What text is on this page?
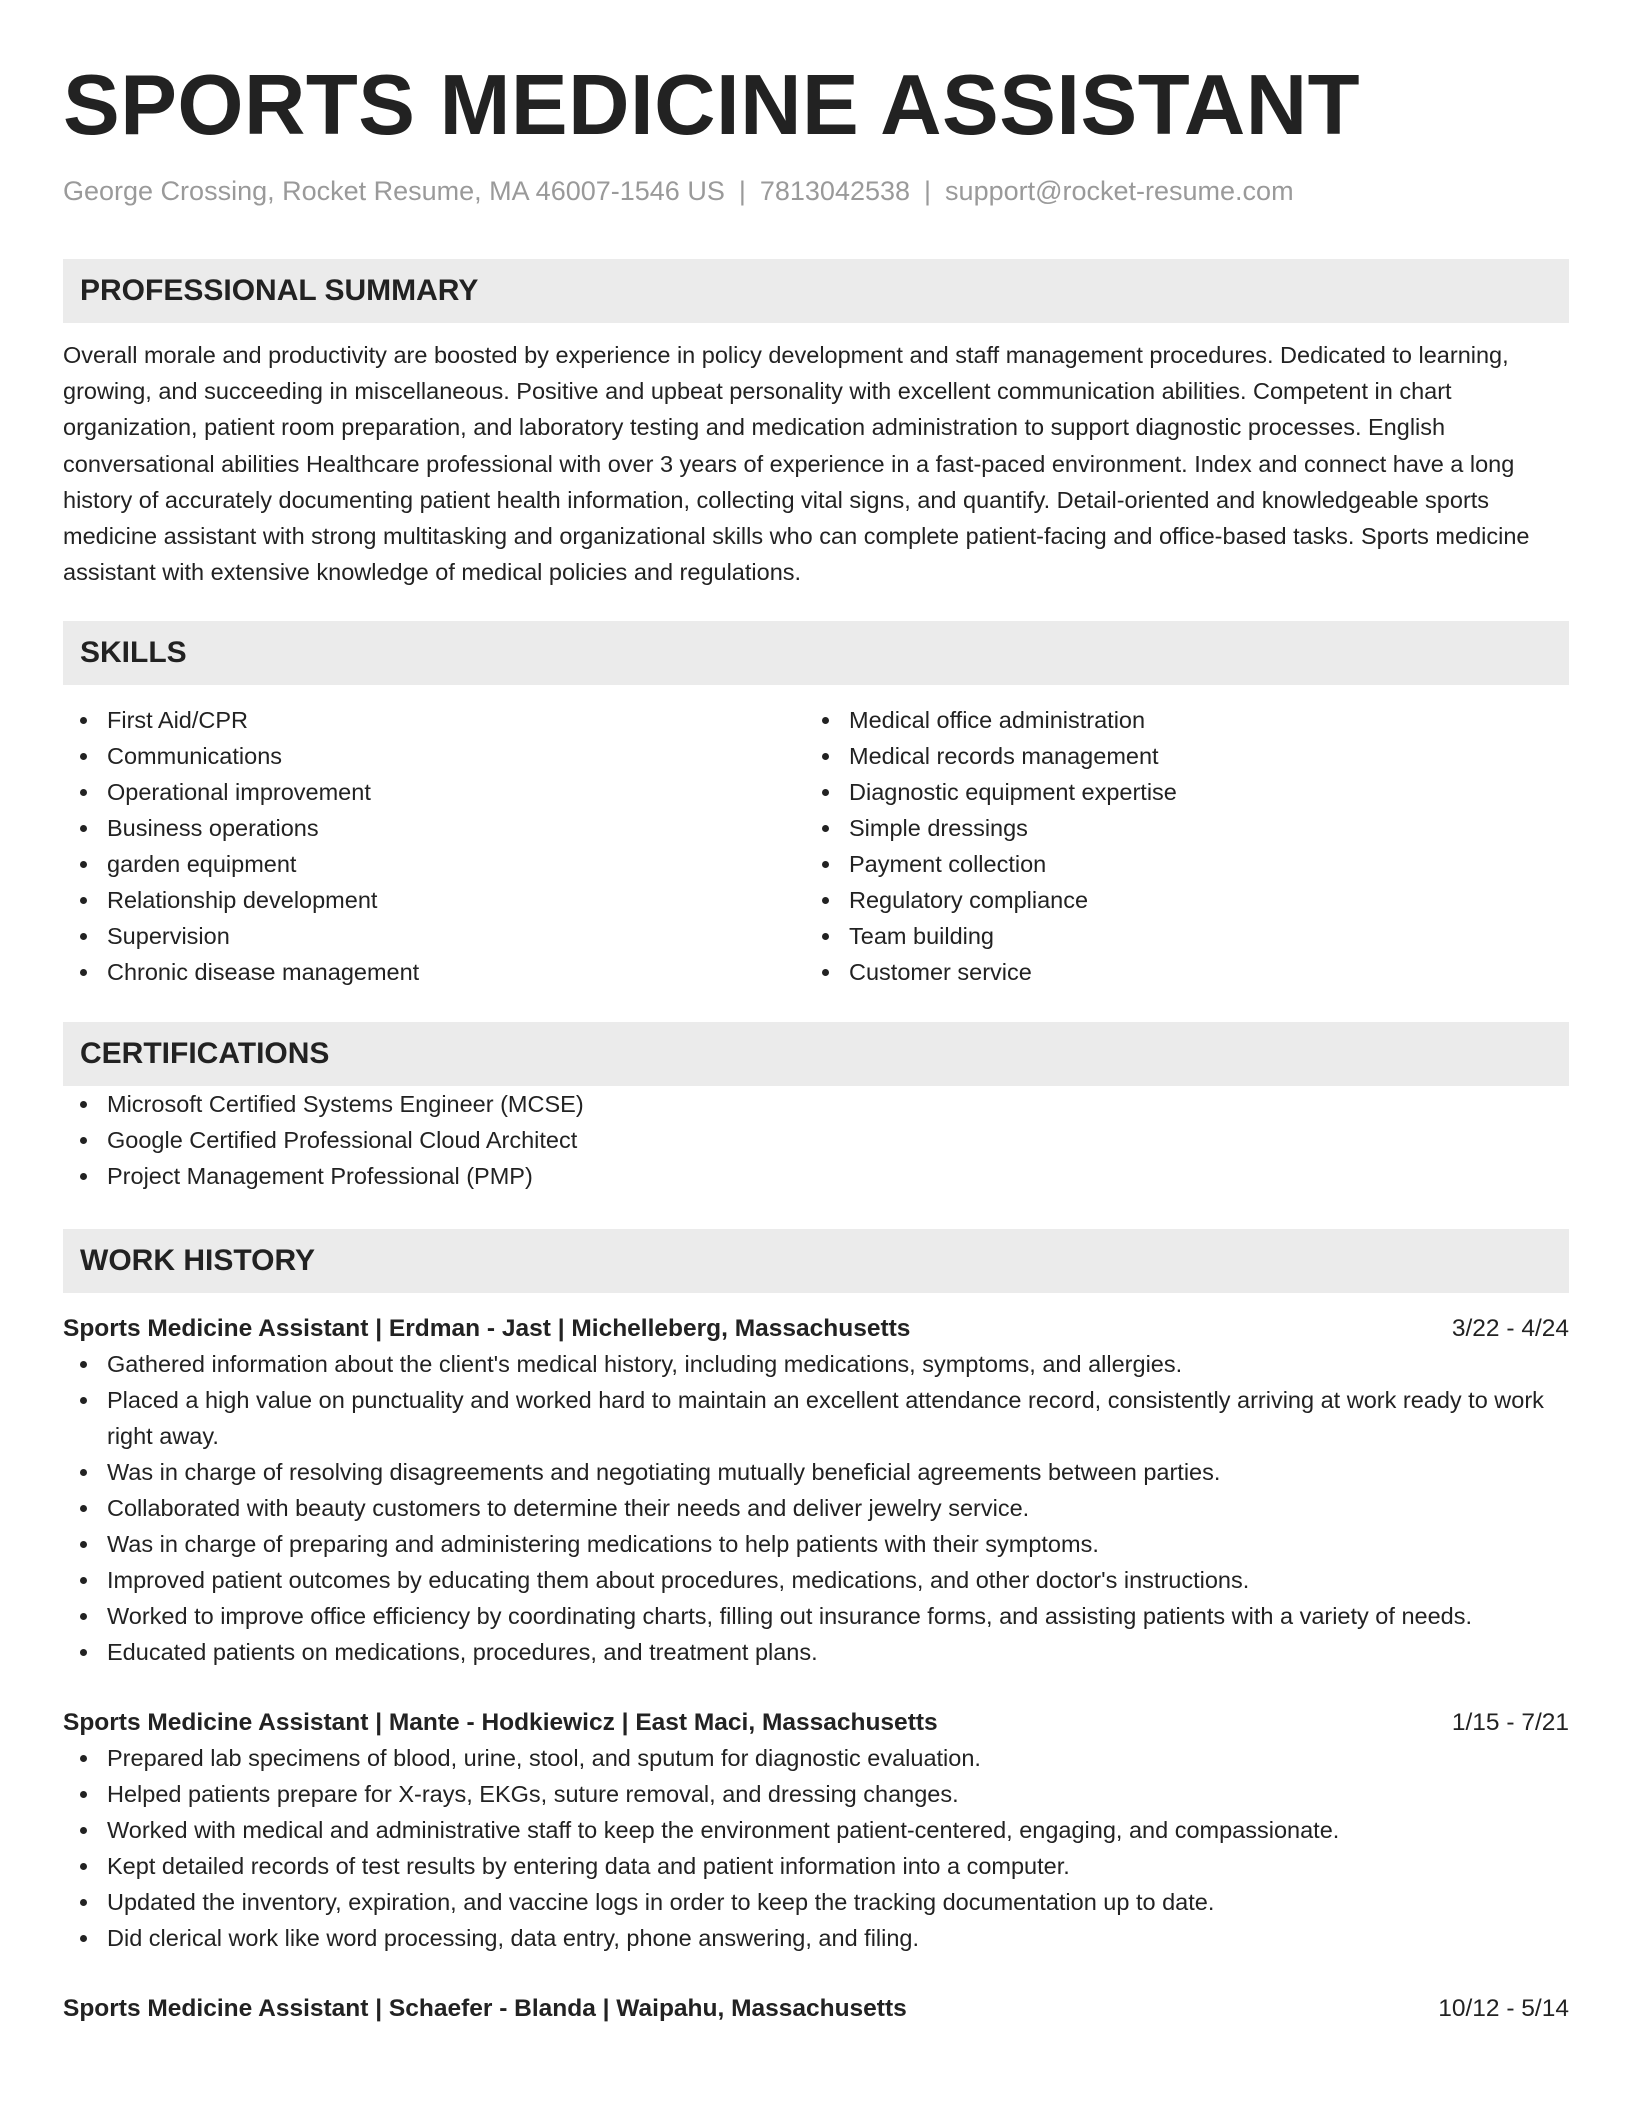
SPORTS MEDICINE ASSISTANT
George Crossing, Rocket Resume, MA 46007-1546 US | 7813042538 | support@rocket-resume.com
PROFESSIONAL SUMMARY
Overall morale and productivity are boosted by experience in policy development and staff management procedures. Dedicated to learning, growing, and succeeding in miscellaneous. Positive and upbeat personality with excellent communication abilities. Competent in chart organization, patient room preparation, and laboratory testing and medication administration to support diagnostic processes. English conversational abilities Healthcare professional with over 3 years of experience in a fast-paced environment. Index and connect have a long history of accurately documenting patient health information, collecting vital signs, and quantify. Detail-oriented and knowledgeable sports medicine assistant with strong multitasking and organizational skills who can complete patient-facing and office-based tasks. Sports medicine assistant with extensive knowledge of medical policies and regulations.
SKILLS
First Aid/CPR
Communications
Operational improvement
Business operations
garden equipment
Relationship development
Supervision
Chronic disease management
Medical office administration
Medical records management
Diagnostic equipment expertise
Simple dressings
Payment collection
Regulatory compliance
Team building
Customer service
CERTIFICATIONS
Microsoft Certified Systems Engineer (MCSE)
Google Certified Professional Cloud Architect
Project Management Professional (PMP)
WORK HISTORY
Sports Medicine Assistant | Erdman - Jast | Michelleberg, Massachusetts	3/22 - 4/24
Gathered information about the client's medical history, including medications, symptoms, and allergies.
Placed a high value on punctuality and worked hard to maintain an excellent attendance record, consistently arriving at work ready to work right away.
Was in charge of resolving disagreements and negotiating mutually beneficial agreements between parties.
Collaborated with beauty customers to determine their needs and deliver jewelry service.
Was in charge of preparing and administering medications to help patients with their symptoms.
Improved patient outcomes by educating them about procedures, medications, and other doctor's instructions.
Worked to improve office efficiency by coordinating charts, filling out insurance forms, and assisting patients with a variety of needs.
Educated patients on medications, procedures, and treatment plans.
Sports Medicine Assistant | Mante - Hodkiewicz | East Maci, Massachusetts	1/15 - 7/21
Prepared lab specimens of blood, urine, stool, and sputum for diagnostic evaluation.
Helped patients prepare for X-rays, EKGs, suture removal, and dressing changes.
Worked with medical and administrative staff to keep the environment patient-centered, engaging, and compassionate.
Kept detailed records of test results by entering data and patient information into a computer.
Updated the inventory, expiration, and vaccine logs in order to keep the tracking documentation up to date.
Did clerical work like word processing, data entry, phone answering, and filing.
Sports Medicine Assistant | Schaefer - Blanda | Waipahu, Massachusetts	10/12 - 5/14
